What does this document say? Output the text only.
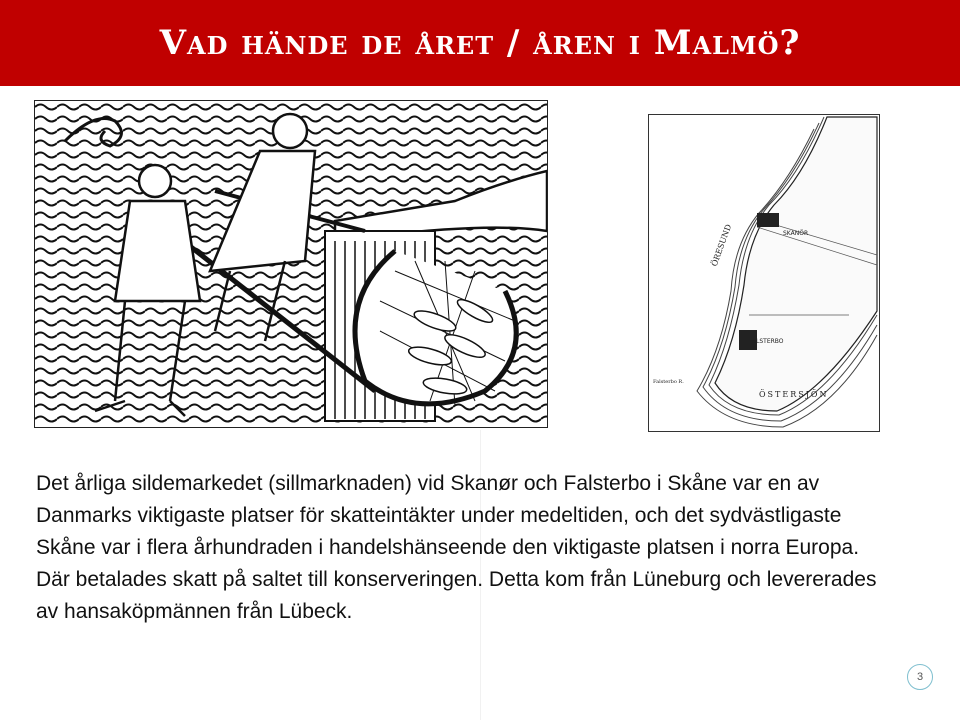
Vad hände de året / åren i Malmö?
ÖRESUND	SKANÖR
FALSTERBO
Falsterbo R.
ÖSTERSJÖN

Det årliga sildemarkedet (sillmarknaden) vid Skanør och Falsterbo i Skåne var en av Danmarks viktigaste platser för skatteintäkter under medeltiden, och det sydvästligaste Skåne var i flera århundraden i handelshänseende den viktigaste platsen i norra Europa. Där betalades skatt på saltet till konserveringen. Detta kom från Lüneburg och levererades av hansaköpmännen från Lübeck.

3
